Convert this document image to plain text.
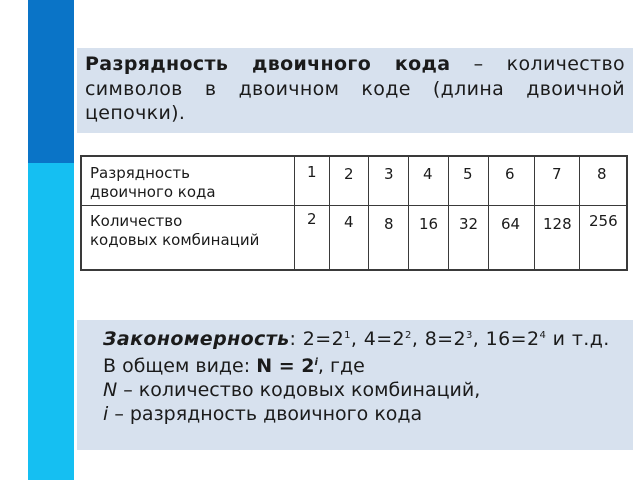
Разрядность двоичного кода – количество символов в двоичном коде (длина двоичной цепочки).
Разрядность
двоичного кода
Количество
кодовых комбинаций
1 2 3 4 5 6 7 8
2 4 8 16 32 64 128 256

Закономерность: $2=2^1$, $4=2^2$, $8=2^3$, $16=2^4$ и т.д.

В общем виде: $N = 2^i$, где

N – количество кодовых комбинаций,

i – разрядность двоичного кода
